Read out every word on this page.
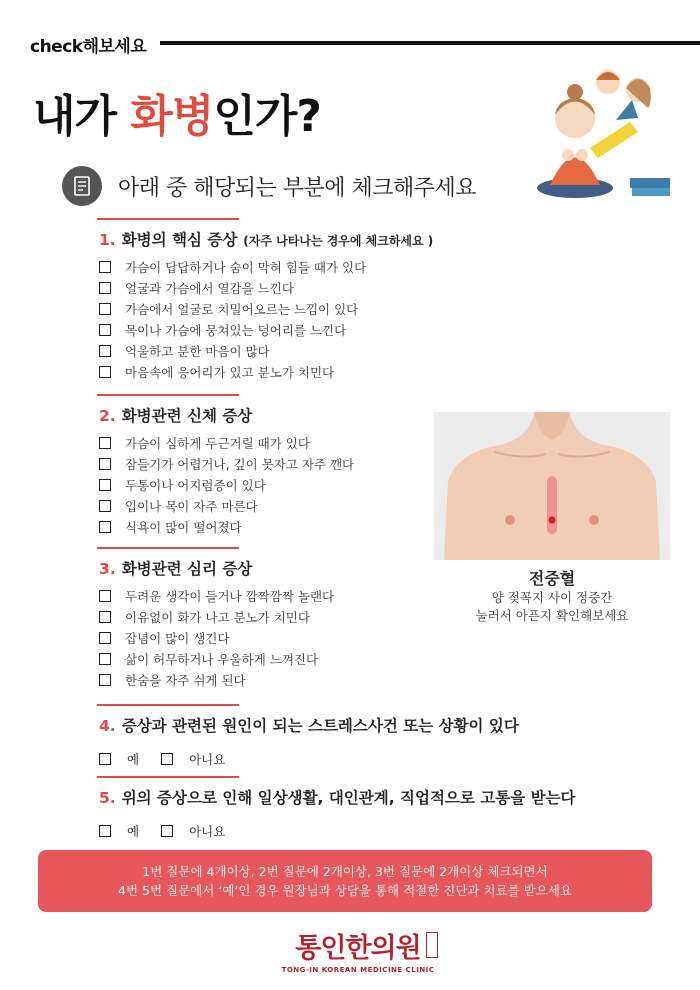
check해보세요
내가 화병인가?
아래 중 해당되는 부분에 체크해주세요
1. 화병의 핵심 증상 (자주 나타나는 경우에 체크하세요 )
가슴이 답답하거나 숨이 막혀 힘들 때가 있다
얼굴과 가슴에서 열감을 느낀다
가슴에서 얼굴로 치밀어오르는 느낌이 있다
목이나 가슴에 뭉쳐있는 덩어리를 느낀다
억울하고 분한 마음이 많다
마음속에 응어리가 있고 분노가 치민다
2. 화병관련 신체 증상
가슴이 심하게 두근거릴 때가 있다
잠들기가 어렵거나, 깊이 못자고 자주 깬다
두통이나 어지럼증이 있다
입이나 목이 자주 마른다
식욕이 많이 떨어졌다
3. 화병관련 심리 증상
두려운 생각이 들거나 깜짝깜짝 놀랜다
이유없이 화가 나고 분노가 치민다
잡념이 많이 생긴다
삶이 허무하거나 우울하게 느껴진다
한숨을 자주 쉬게 된다
4. 증상과 관련된 원인이 되는 스트레스사건 또는 상황이 있다
예	아니요
5. 위의 증상으로 인해 일상생활, 대인관계, 직업적으로 고통을 받는다
예	아니요
전중혈
양 젖꼭지 사이 정중간
눌러서 아픈지 확인해보세요
1번 질문에 4개이상, 2번 질문에 2개이상, 3번 질문에 2개이상 체크되면서
4번 5번 질문에서 ‘예’인 경우 원장님과 상담을 통해 적절한 진단과 치료를 받으세요
통인한의원
TONG-IN KOREAN MEDICINE CLINIC
